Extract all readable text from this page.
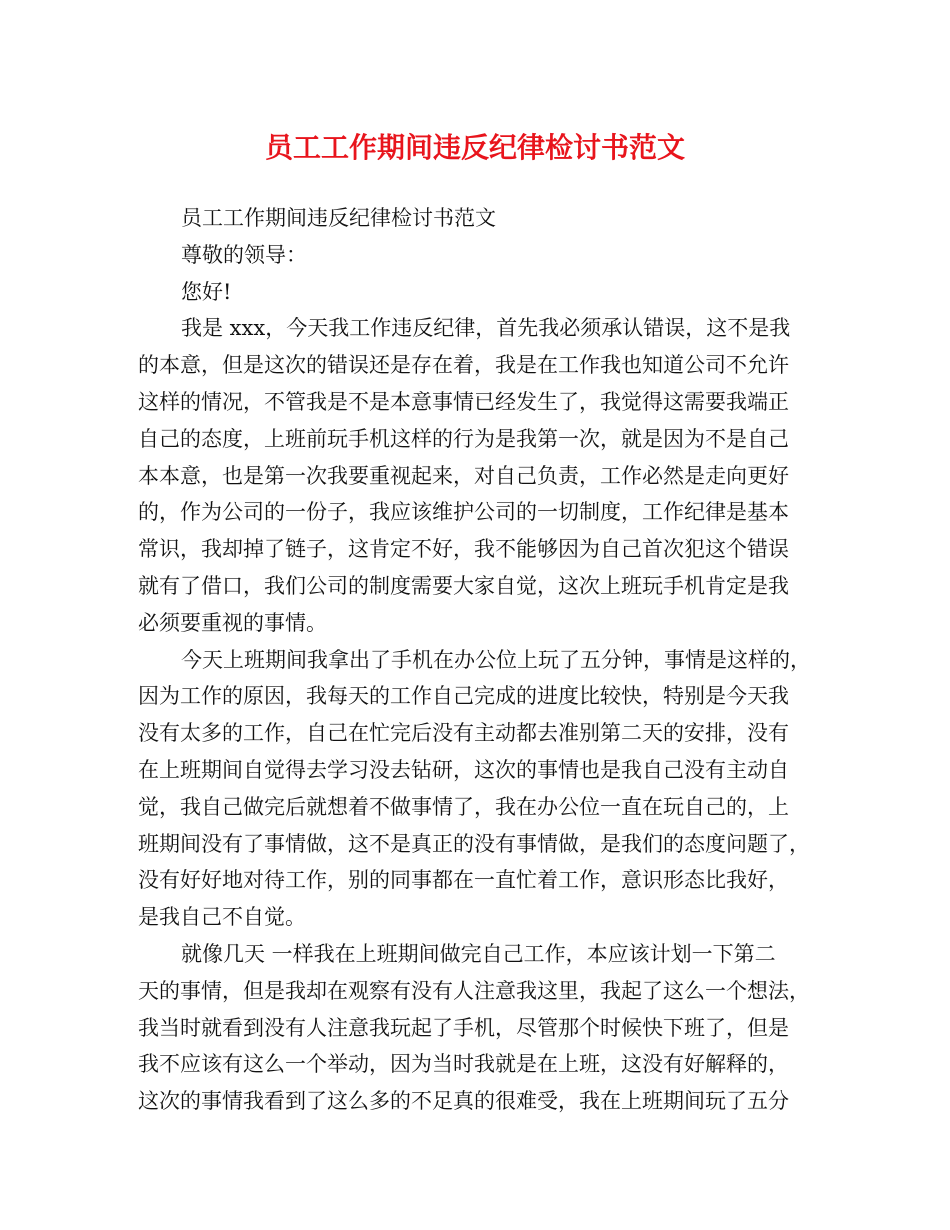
员工工作期间违反纪律检讨书范文
员工工作期间违反纪律检讨书范文
尊敬的领导：
您好!
我是 xxx，今天我工作违反纪律，首先我必须承认错误，这不是我
的本意，但是这次的错误还是存在着，我是在工作我也知道公司不允许
这样的情况，不管我是不是本意事情已经发生了，我觉得这需要我端正
自己的态度，上班前玩手机这样的行为是我第一次，就是因为不是自己
本本意，也是第一次我要重视起来，对自己负责，工作必然是走向更好
的，作为公司的一份子，我应该维护公司的一切制度，工作纪律是基本
常识，我却掉了链子，这肯定不好，我不能够因为自己首次犯这个错误
就有了借口，我们公司的制度需要大家自觉，这次上班玩手机肯定是我
必须要重视的事情。
今天上班期间我拿出了手机在办公位上玩了五分钟，事情是这样的，
因为工作的原因，我每天的工作自己完成的进度比较快，特别是今天我
没有太多的工作，自己在忙完后没有主动都去准别第二天的安排，没有
在上班期间自觉得去学习没去钻研，这次的事情也是我自己没有主动自
觉，我自己做完后就想着不做事情了，我在办公位一直在玩自己的，上
班期间没有了事情做，这不是真正的没有事情做，是我们的态度问题了，
没有好好地对待工作，别的同事都在一直忙着工作，意识形态比我好，
是我自己不自觉。
就像几天 一样我在上班期间做完自己工作，本应该计划一下第二
天的事情，但是我却在观察有没有人注意我这里，我起了这么一个想法，
我当时就看到没有人注意我玩起了手机，尽管那个时候快下班了，但是
我不应该有这么一个举动，因为当时我就是在上班，这没有好解释的，
这次的事情我看到了这么多的不足真的很难受，我在上班期间玩了五分
